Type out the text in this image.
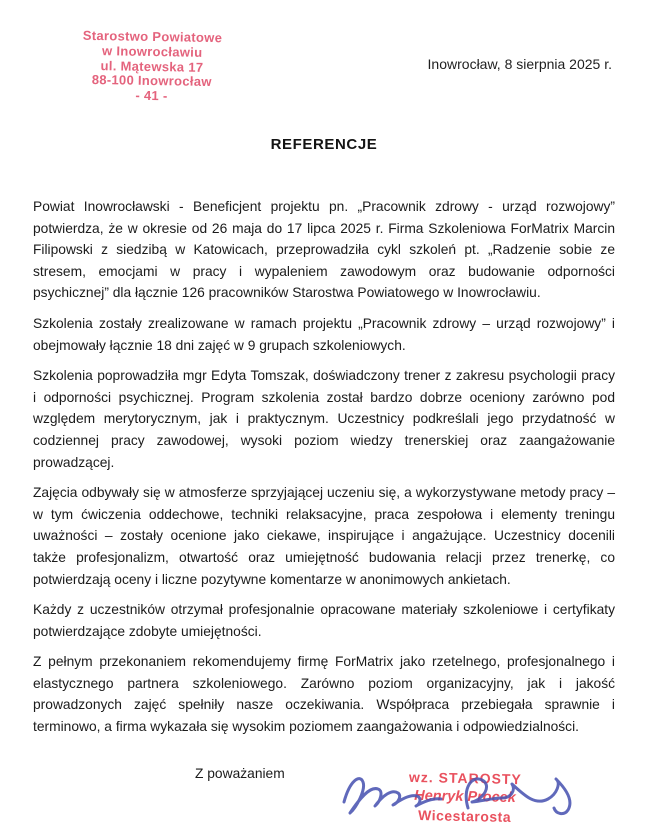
Starostwo Powiatowe
w Inowrocławiu
ul. Mątewska 17
88-100 Inowrocław
- 41 -
Inowrocław, 8 sierpnia 2025 r.
REFERENCJE

Powiat Inowrocławski - Beneficjent projektu pn. „Pracownik zdrowy - urząd rozwojowy” potwierdza, że w okresie od 26 maja do 17 lipca 2025 r. Firma Szkoleniowa ForMatrix Marcin Filipowski z siedzibą w Katowicach, przeprowadziła cykl szkoleń pt. „Radzenie sobie ze stresem, emocjami w pracy i wypaleniem zawodowym oraz budowanie odporności psychicznej” dla łącznie 126 pracowników Starostwa Powiatowego w Inowrocławiu.

Szkolenia zostały zrealizowane w ramach projektu „Pracownik zdrowy – urząd rozwojowy” i obejmowały łącznie 18 dni zajęć w 9 grupach szkoleniowych.

Szkolenia poprowadziła mgr Edyta Tomszak, doświadczony trener z zakresu psychologii pracy i odporności psychicznej. Program szkolenia został bardzo dobrze oceniony zarówno pod względem merytorycznym, jak i praktycznym. Uczestnicy podkreślali jego przydatność w codziennej pracy zawodowej, wysoki poziom wiedzy trenerskiej oraz zaangażowanie prowadzącej.

Zajęcia odbywały się w atmosferze sprzyjającej uczeniu się, a wykorzystywane metody pracy – w tym ćwiczenia oddechowe, techniki relaksacyjne, praca zespołowa i elementy treningu uważności – zostały ocenione jako ciekawe, inspirujące i angażujące. Uczestnicy docenili także profesjonalizm, otwartość oraz umiejętność budowania relacji przez trenerkę, co potwierdzają oceny i liczne pozytywne komentarze w anonimowych ankietach.

Każdy z uczestników otrzymał profesjonalnie opracowane materiały szkoleniowe i certyfikaty potwierdzające zdobyte umiejętności.

Z pełnym przekonaniem rekomendujemy firmę ForMatrix jako rzetelnego, profesjonalnego i elastycznego partnera szkoleniowego. Zarówno poziom organizacyjny, jak i jakość prowadzonych zajęć spełniły nasze oczekiwania. Współpraca przebiegała sprawnie i terminowo, a firma wykazała się wysokim poziomem zaangażowania i odpowiedzialności.

Z poważaniem	wz. STAROSTY
Henryk Procek
Wicestarosta
